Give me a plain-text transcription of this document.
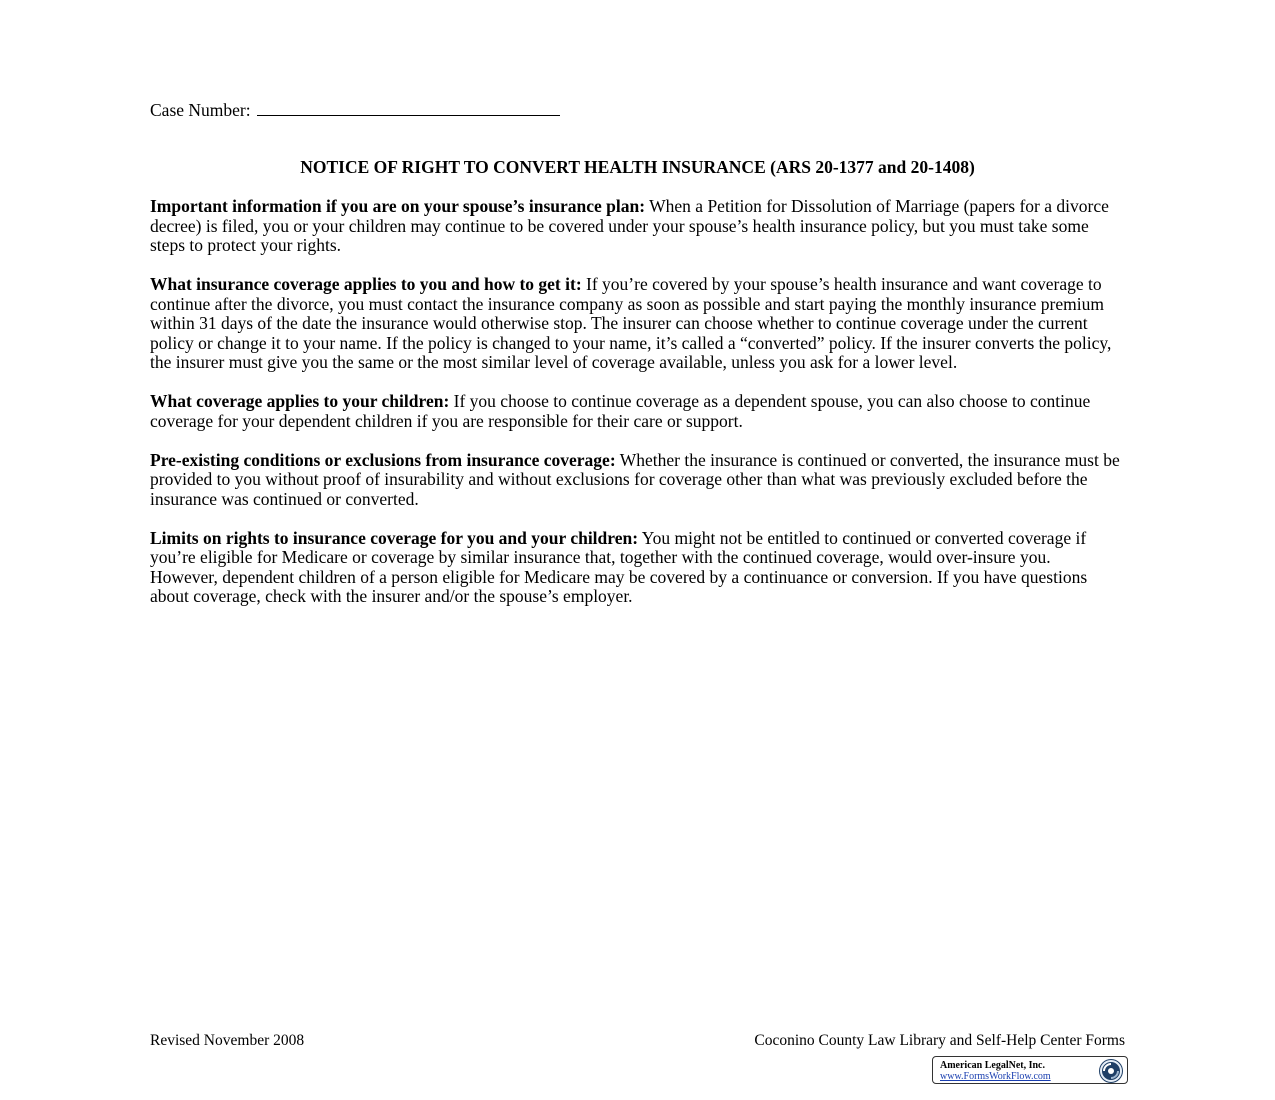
Case Number:
NOTICE OF RIGHT TO CONVERT HEALTH INSURANCE (ARS 20-1377 and 20-1408)

Important information if you are on your spouse’s insurance plan: When a Petition for Dissolution of Marriage (papers for a divorce decree) is filed, you or your children may continue to be covered under your spouse’s health insurance policy, but you must take some steps to protect your rights.

What insurance coverage applies to you and how to get it: If you’re covered by your spouse’s health insurance and want coverage to continue after the divorce, you must contact the insurance company as soon as possible and start paying the monthly insurance premium within 31 days of the date the insurance would otherwise stop. The insurer can choose whether to continue coverage under the current policy or change it to your name. If the policy is changed to your name, it’s called a “converted” policy. If the insurer converts the policy, the insurer must give you the same or the most similar level of coverage available, unless you ask for a lower level.

What coverage applies to your children: If you choose to continue coverage as a dependent spouse, you can also choose to continue coverage for your dependent children if you are responsible for their care or support.

Pre-existing conditions or exclusions from insurance coverage: Whether the insurance is continued or converted, the insurance must be provided to you without proof of insurability and without exclusions for coverage other than what was previously excluded before the insurance was continued or converted.

Limits on rights to insurance coverage for you and your children: You might not be entitled to continued or converted coverage if you’re eligible for Medicare or coverage by similar insurance that, together with the continued coverage, would over-insure you. However, dependent children of a person eligible for Medicare may be covered by a continuance or conversion. If you have questions about coverage, check with the insurer and/or the spouse’s employer.

Revised November 2008	Coconino County Law Library and Self-Help Center Forms
American LegalNet, Inc.
www.FormsWorkFlow.com
